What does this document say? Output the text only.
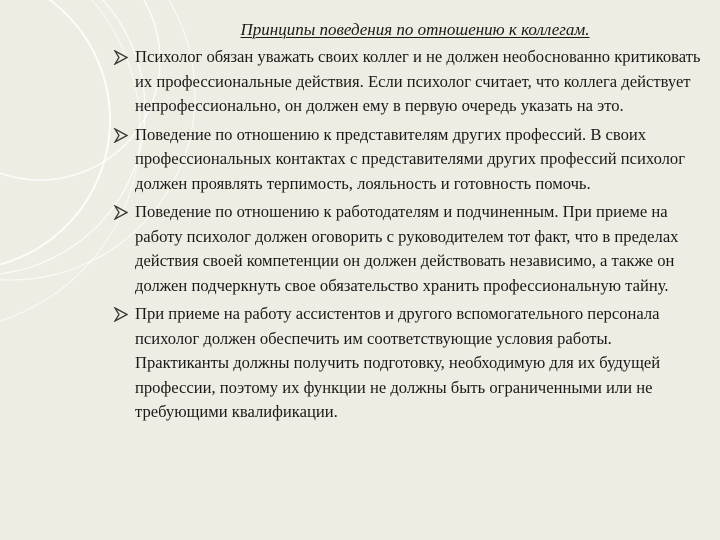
Принципы поведения по отношению к коллегам.
Психолог обязан уважать своих коллег и не должен необоснованно критиковать их профессиональные действия. Если психолог считает, что коллега действует непрофессионально, он должен ему в первую очередь указать на это.
Поведение по отношению к представителям других профессий. В своих профессиональных контактах с представителями других профессий психолог должен проявлять терпимость, лояльность и готовность помочь.
Поведение по отношению к работодателям и подчиненным. При приеме на работу психолог должен оговорить с руководителем тот факт, что в пределах действия своей компетенции он должен действовать независимо, а также он должен подчеркнуть свое обязательство хранить профессиональную тайну.
При приеме на работу ассистентов и другого вспомогательного персонала психолог должен обеспечить им соответствующие условия работы. Практиканты должны получить подготовку, необходимую для их будущей профессии, поэтому их функции не должны быть ограниченными или не требующими квалификации.
